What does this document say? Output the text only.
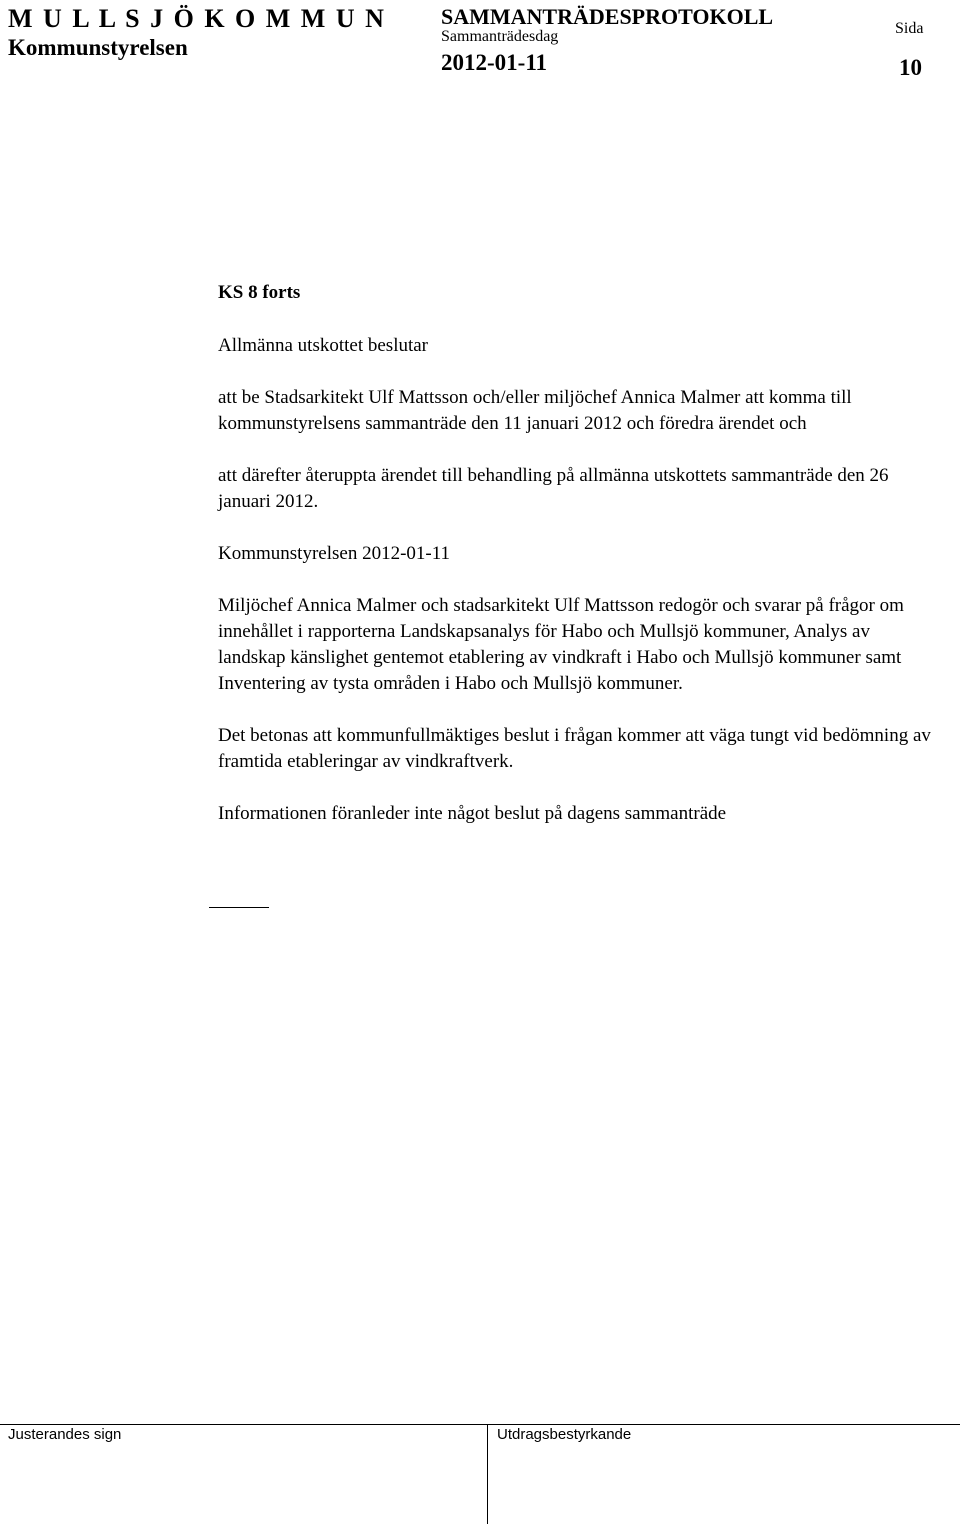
M U L L S J Ö K O M M U N
Kommunstyrelsen
SAMMANTRÄDESPROTOKOLL
Sammanträdesdag
2012-01-11
Sida
10

KS 8 forts

Allmänna utskottet beslutar

att be Stadsarkitekt Ulf Mattsson och/eller miljöchef Annica Malmer att komma till kommunstyrelsens sammanträde den 11 januari 2012 och föredra ärendet och

att därefter återuppta ärendet till behandling på allmänna utskottets sammanträde den 26 januari 2012.

Kommunstyrelsen 2012-01-11

Miljöchef Annica Malmer och stadsarkitekt Ulf Mattsson redogör och svarar på frågor om innehållet i rapporterna Landskapsanalys för Habo och Mullsjö kommuner, Analys av landskap känslighet gentemot etablering av vindkraft i Habo och Mullsjö kommuner samt Inventering av tysta områden i Habo och Mullsjö kommuner.

Det betonas att kommunfullmäktiges beslut i frågan kommer att väga tungt vid bedömning av framtida etableringar av vindkraftverk.

Informationen föranleder inte något beslut på dagens sammanträde

Justerandes sign	Utdragsbestyrkande
